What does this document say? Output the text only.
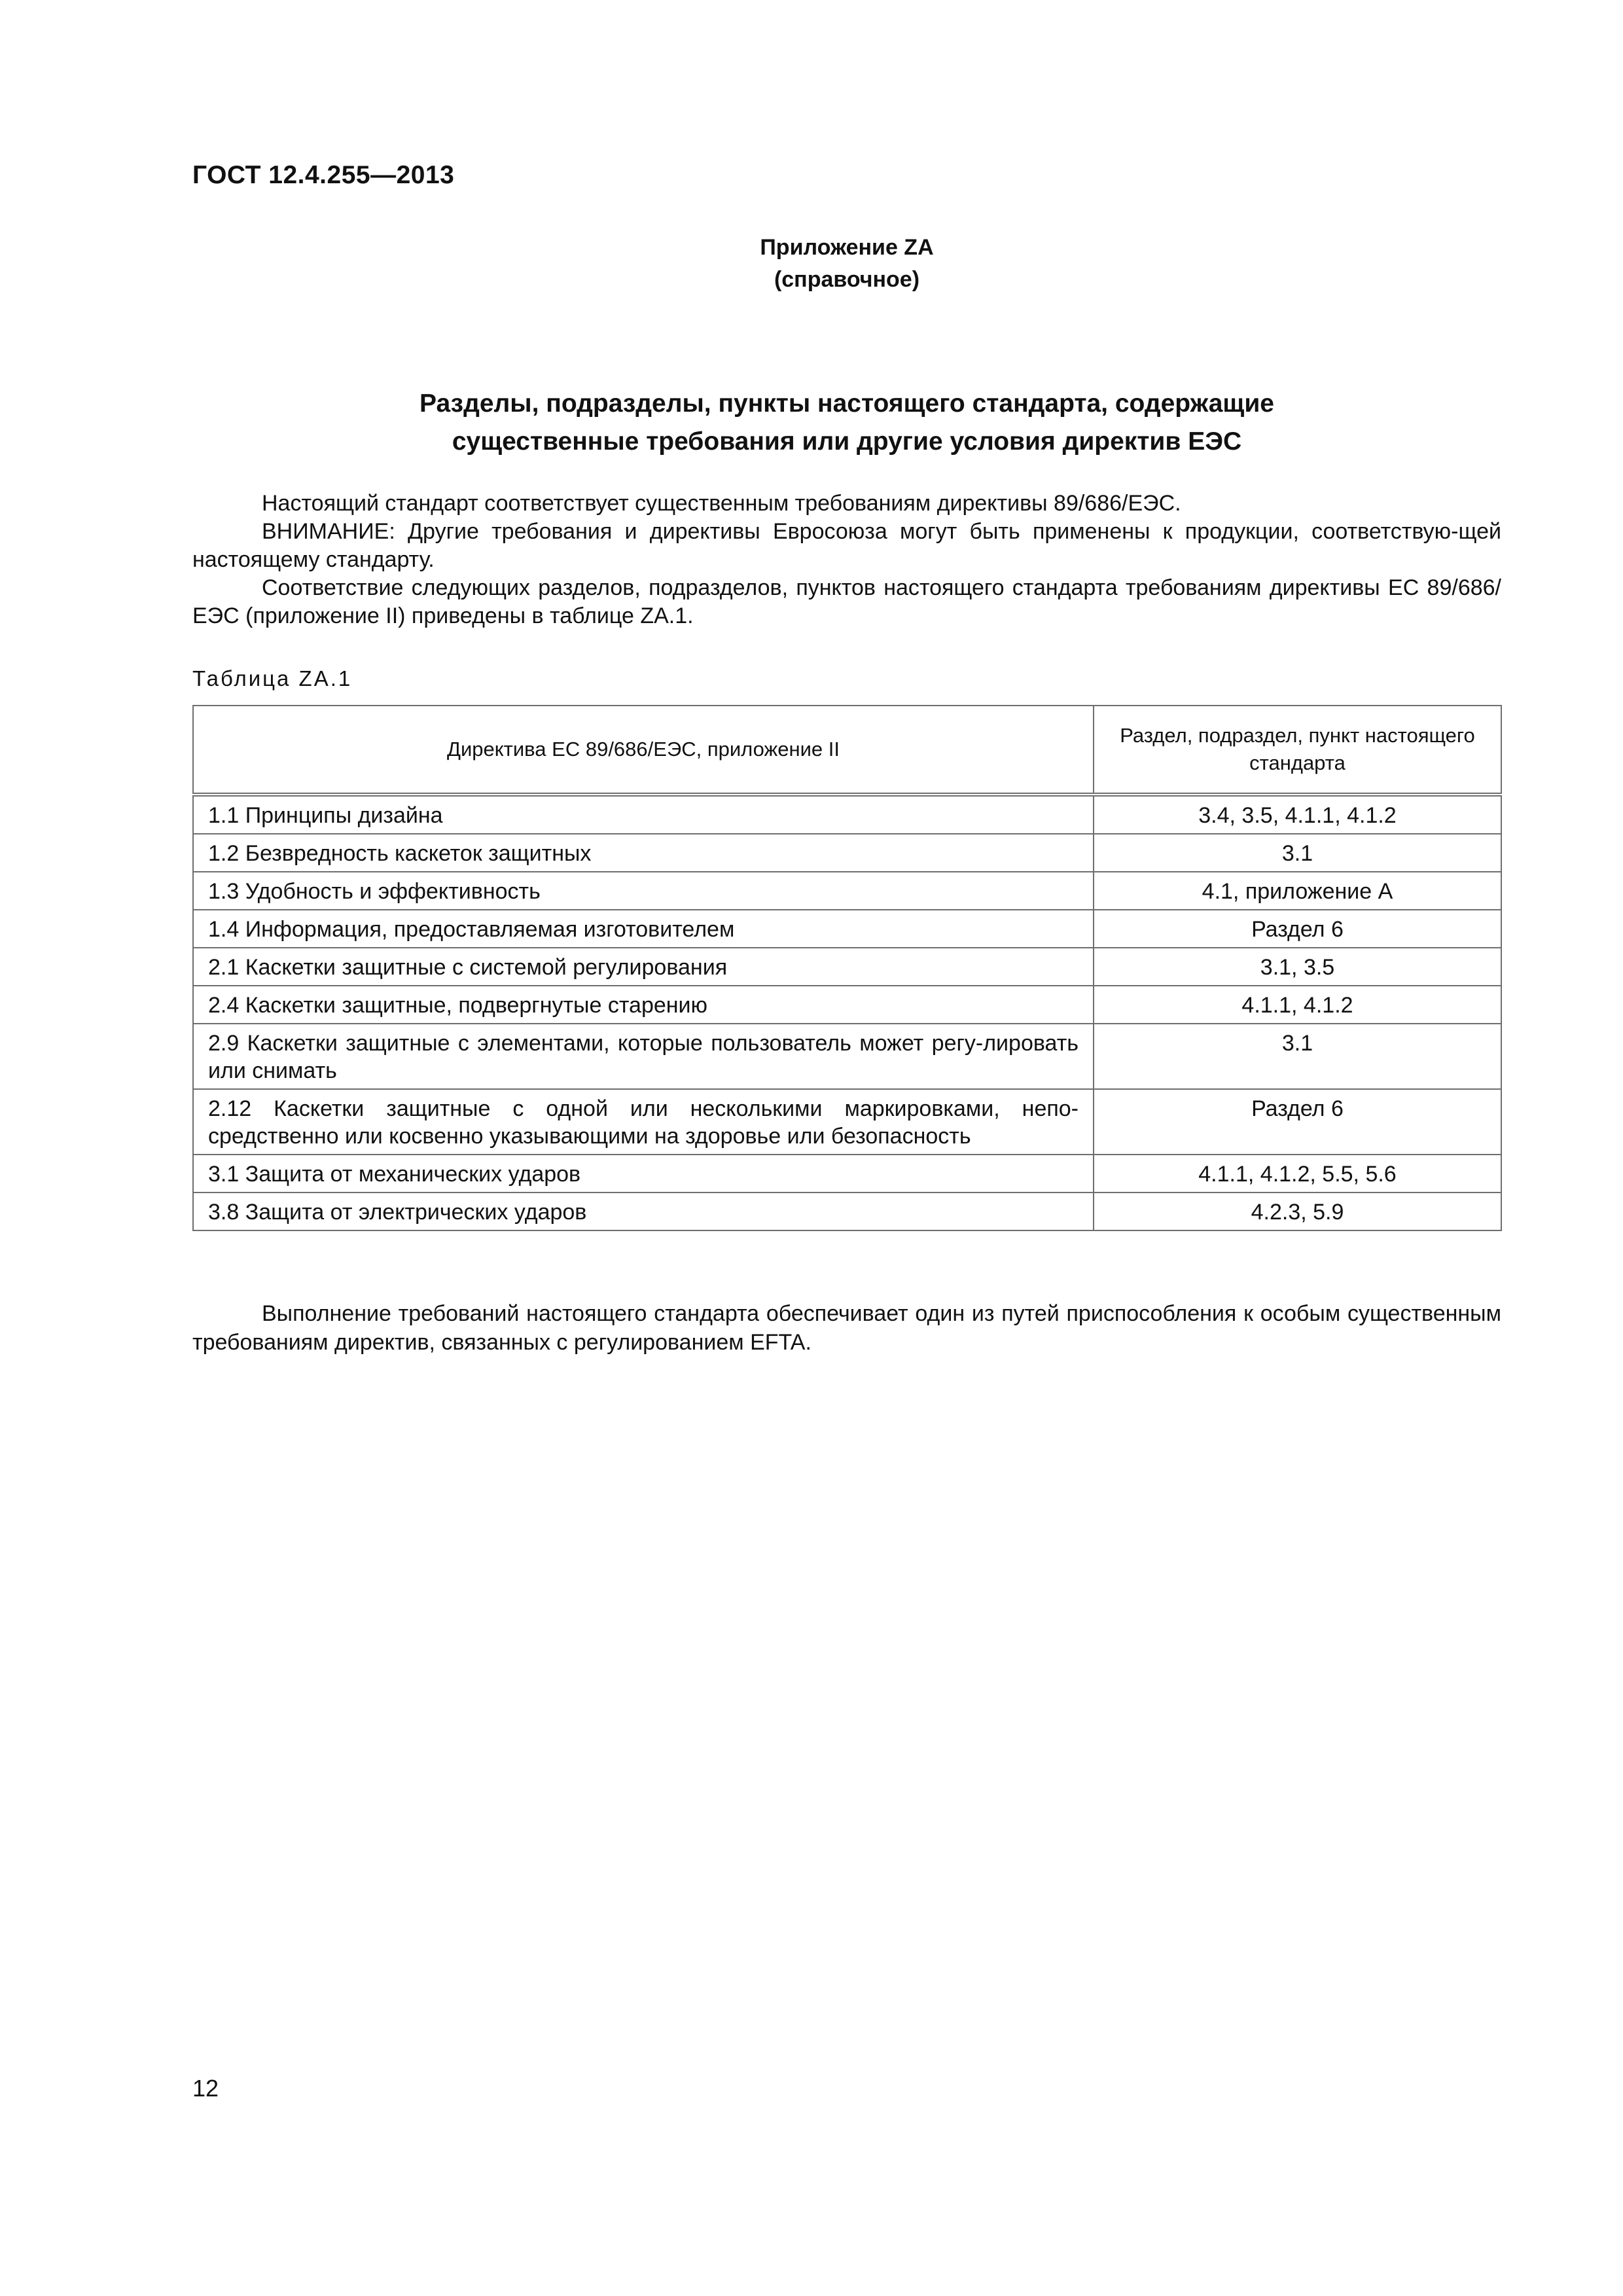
ГОСТ 12.4.255—2013
Приложение ZA
(справочное)
Разделы, подразделы, пункты настоящего стандарта, содержащие
существенные требования или другие условия директив ЕЭС

Настоящий стандарт соответствует существенным требованиям директивы 89/686/ЕЭС.

ВНИМАНИЕ: Другие требования и директивы Евросоюза могут быть применены к продукции, соответствую-щей настоящему стандарту.

Соответствие следующих разделов, подразделов, пунктов настоящего стандарта требованиям директивы ЕС 89/686/ЕЭС (приложение II) приведены в таблице ZA.1.

Таблица ZA.1
Директива ЕС 89/686/ЕЭС, приложение II	Раздел, подраздел, пункт настоящего стандарта
1.1 Принципы дизайна	3.4, 3.5, 4.1.1, 4.1.2
1.2 Безвредность каскеток защитных	3.1
1.3 Удобность и эффективность	4.1, приложение А
1.4 Информация, предоставляемая изготовителем	Раздел 6
2.1 Каскетки защитные с системой регулирования	3.1, 3.5
2.4 Каскетки защитные, подвергнутые старению	4.1.1, 4.1.2
2.9 Каскетки защитные с элементами, которые пользователь может регу-лировать или снимать	3.1
2.12 Каскетки защитные с одной или несколькими маркировками, непо-средственно или косвенно указывающими на здоровье или безопасность	Раздел 6
3.1 Защита от механических ударов	4.1.1, 4.1.2, 5.5, 5.6
3.8 Защита от электрических ударов	4.2.3, 5.9

Выполнение требований настоящего стандарта обеспечивает один из путей приспособления к особым существенным требованиям директив, связанных с регулированием EFTA.

12
